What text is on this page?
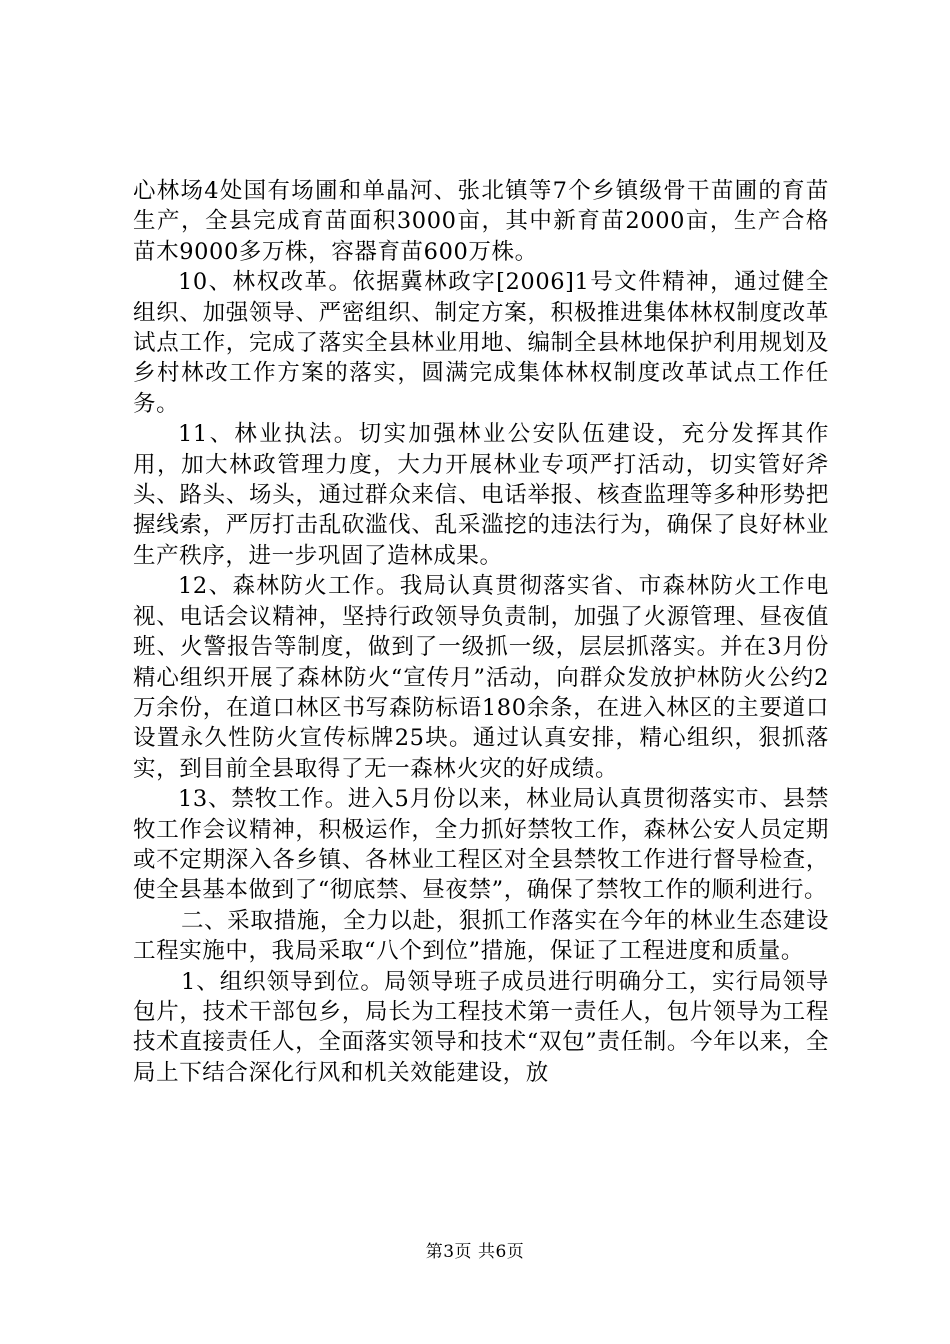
心林场4处国有场圃和单晶河、张北镇等7个乡镇级骨干苗圃的育苗生产，全县完成育苗面积3000亩，其中新育苗2000亩，生产合格苗木9000多万株，容器育苗600万株。

10、林权改革。依据冀林政字[2006]1号文件精神，通过健全组织、加强领导、严密组织、制定方案，积极推进集体林权制度改革试点工作，完成了落实全县林业用地、编制全县林地保护利用规划及乡村林改工作方案的落实，圆满完成集体林权制度改革试点工作任务。

11、林业执法。切实加强林业公安队伍建设，充分发挥其作用，加大林政管理力度，大力开展林业专项严打活动，切实管好斧头、路头、场头，通过群众来信、电话举报、核查监理等多种形势把握线索，严厉打击乱砍滥伐、乱采滥挖的违法行为，确保了良好林业生产秩序，进一步巩固了造林成果。

12、森林防火工作。我局认真贯彻落实省、市森林防火工作电视、电话会议精神，坚持行政领导负责制，加强了火源管理、昼夜值班、火警报告等制度，做到了一级抓一级，层层抓落实。并在3月份精心组织开展了森林防火“宣传月”活动，向群众发放护林防火公约2万余份，在道口林区书写森防标语180余条，在进入林区的主要道口设置永久性防火宣传标牌25块。通过认真安排，精心组织，狠抓落实，到目前全县取得了无一森林火灾的好成绩。

13、禁牧工作。进入5月份以来，林业局认真贯彻落实市、县禁牧工作会议精神，积极运作，全力抓好禁牧工作，森林公安人员定期或不定期深入各乡镇、各林业工程区对全县禁牧工作进行督导检查，使全县基本做到了“彻底禁、昼夜禁”，确保了禁牧工作的顺利进行。

二、采取措施，全力以赴，狠抓工作落实在今年的林业生态建设工程实施中，我局采取“八个到位”措施，保证了工程进度和质量。

1、组织领导到位。局领导班子成员进行明确分工，实行局领导包片，技术干部包乡，局长为工程技术第一责任人，包片领导为工程技术直接责任人，全面落实领导和技术“双包”责任制。今年以来，全局上下结合深化行风和机关效能建设，放

第3页 共6页
